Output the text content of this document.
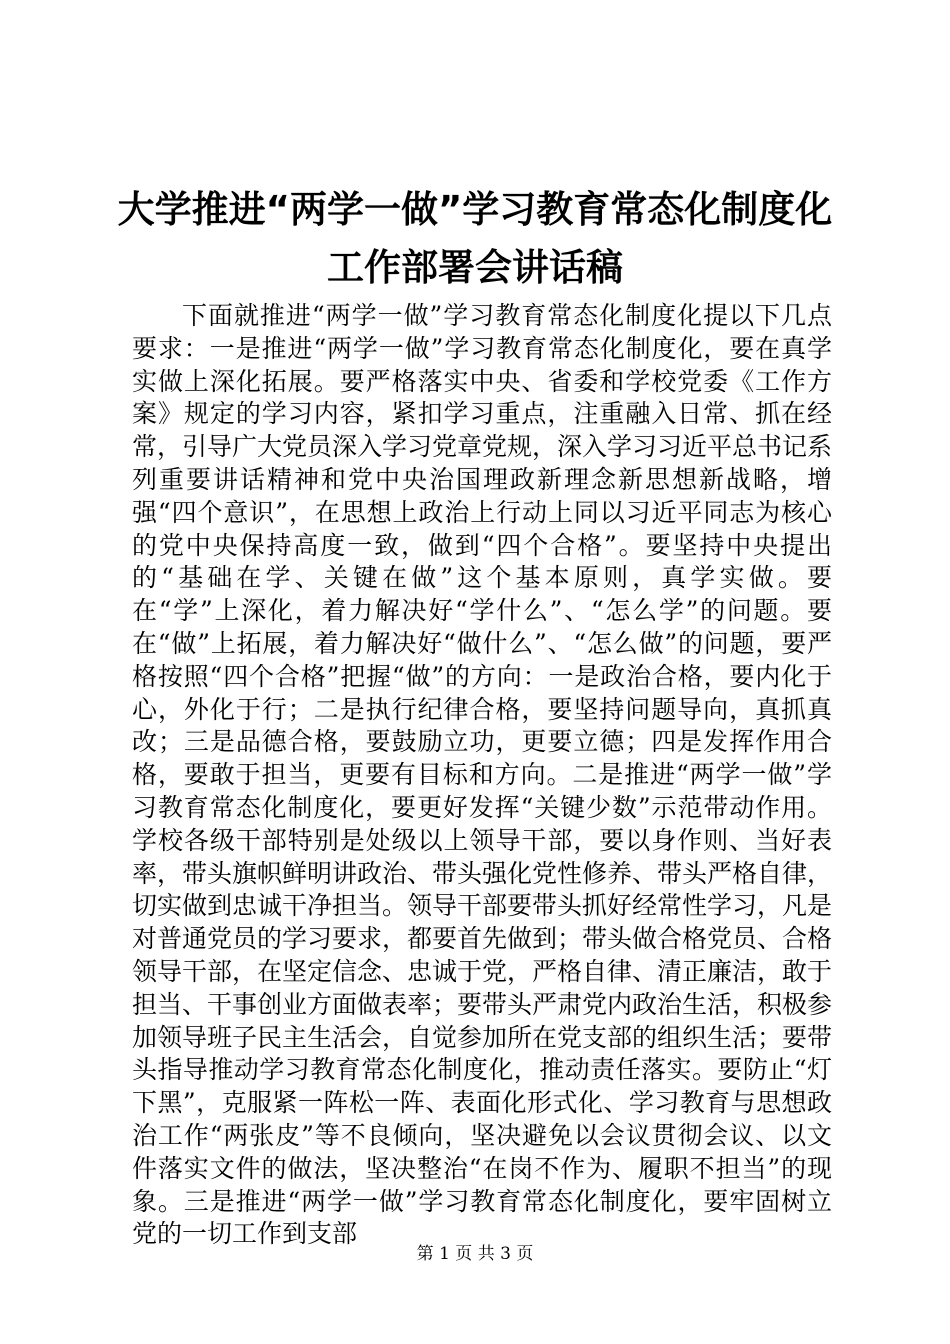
大学推进“两学一做”学习教育常态化制度化
工作部署会讲话稿

下面就推进“两学一做”学习教育常态化制度化提以下几点要求：一是推进“两学一做”学习教育常态化制度化，要在真学实做上深化拓展。要严格落实中央、省委和学校党委《工作方案》规定的学习内容，紧扣学习重点，注重融入日常、抓在经常，引导广大党员深入学习党章党规，深入学习习近平总书记系列重要讲话精神和党中央治国理政新理念新思想新战略，增强“四个意识”，在思想上政治上行动上同以习近平同志为核心的党中央保持高度一致，做到“四个合格”。要坚持中央提出的“基础在学、关键在做”这个基本原则，真学实做。要在“学”上深化，着力解决好“学什么”、“怎么学”的问题。要在“做”上拓展，着力解决好“做什么”、“怎么做”的问题，要严格按照“四个合格”把握“做”的方向：一是政治合格，要内化于心，外化于行；二是执行纪律合格，要坚持问题导向，真抓真改；三是品德合格，要鼓励立功，更要立德；四是发挥作用合格，要敢于担当，更要有目标和方向。二是推进“两学一做”学习教育常态化制度化，要更好发挥“关键少数”示范带动作用。学校各级干部特别是处级以上领导干部，要以身作则、当好表率，带头旗帜鲜明讲政治、带头强化党性修养、带头严格自律，切实做到忠诚干净担当。领导干部要带头抓好经常性学习，凡是对普通党员的学习要求，都要首先做到；带头做合格党员、合格领导干部，在坚定信念、忠诚于党，严格自律、清正廉洁，敢于担当、干事创业方面做表率；要带头严肃党内政治生活，积极参加领导班子民主生活会，自觉参加所在党支部的组织生活；要带头指导推动学习教育常态化制度化，推动责任落实。要防止“灯下黑”，克服紧一阵松一阵、表面化形式化、学习教育与思想政治工作“两张皮”等不良倾向，坚决避免以会议贯彻会议、以文件落实文件的做法，坚决整治“在岗不作为、履职不担当”的现象。三是推进“两学一做”学习教育常态化制度化，要牢固树立党的一切工作到支部

第 1 页 共 3 页
